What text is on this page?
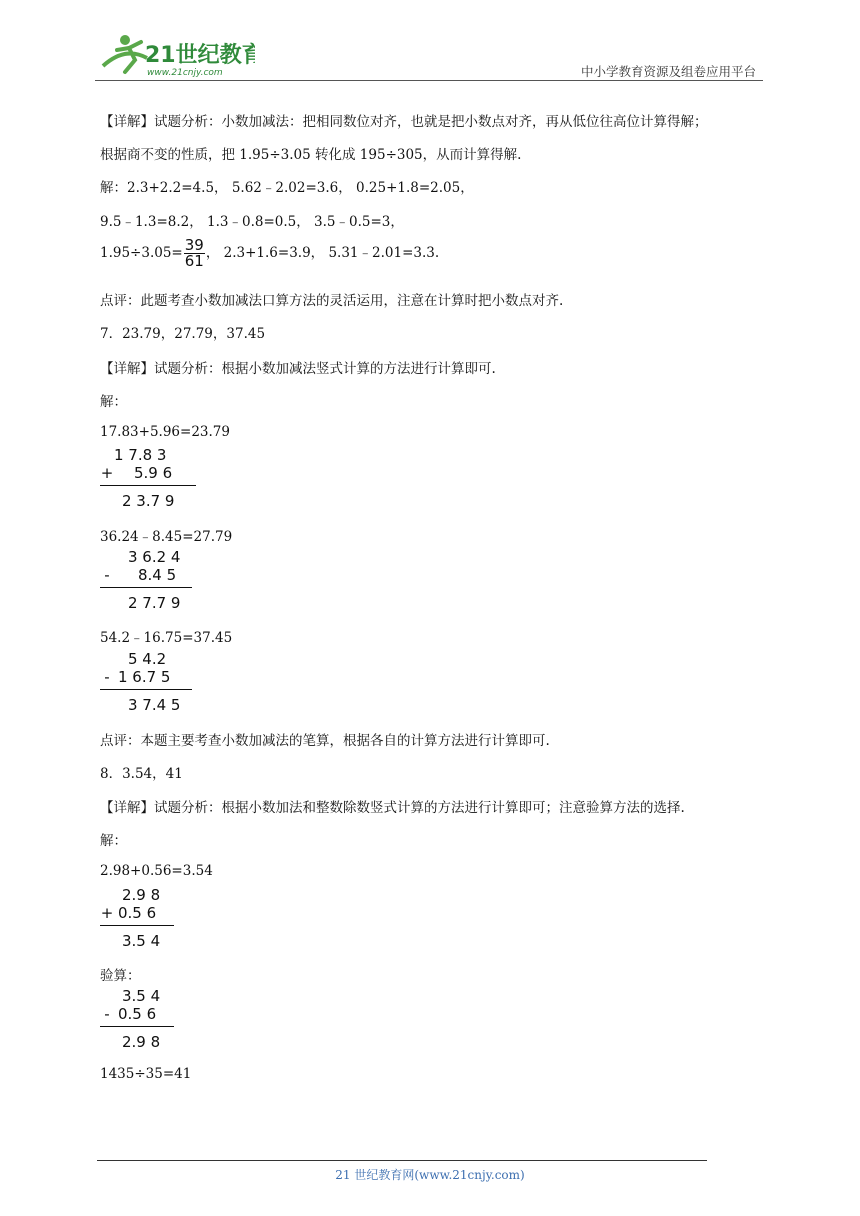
21世纪教育
www.21cnjy.com	中小学教育资源及组卷应用平台
【详解】试题分析：小数加减法：把相同数位对齐，也就是把小数点对齐，再从低位往高位计算得解；
根据商不变的性质，把 1.95÷3.05 转化成 195÷305，从而计算得解.
解：2.3+2.2=4.5， 5.62﹣2.02=3.6， 0.25+1.8=2.05，
9.5﹣1.3=8.2， 1.3﹣0.8=0.5， 3.5﹣0.5=3，
$1.95\div 3.05= \frac{39}{61}$ ， 2.3+1.6=3.9， 5.31﹣2.01=3.3.
点评：此题考查小数加减法口算方法的灵活运用，注意在计算时把小数点对齐.
7．23.79，27.79，37.45
【详解】试题分析：根据小数加减法竖式计算的方法进行计算即可.
解：
17.83+5.96=23.79
1 7.8 3
+ 5.9 6
2 3.7 9
36.24﹣8.45=27.79
3 6.2 4
- 8.4 5
2 7.7 9
54.2﹣16.75=37.45
5 4.2
- 1 6.7 5
3 7.4 5
点评：本题主要考查小数加减法的笔算，根据各自的计算方法进行计算即可.
8．3.54，41
【详解】试题分析：根据小数加法和整数除数竖式计算的方法进行计算即可；注意验算方法的选择.
解：
2.98+0.56=3.54
2.9 8
+ 0.5 6
3.5 4
验算：
3.5 4
- 0.5 6
2.9 8
1435÷35=41
21 世纪教育网(www.21cnjy.com)
